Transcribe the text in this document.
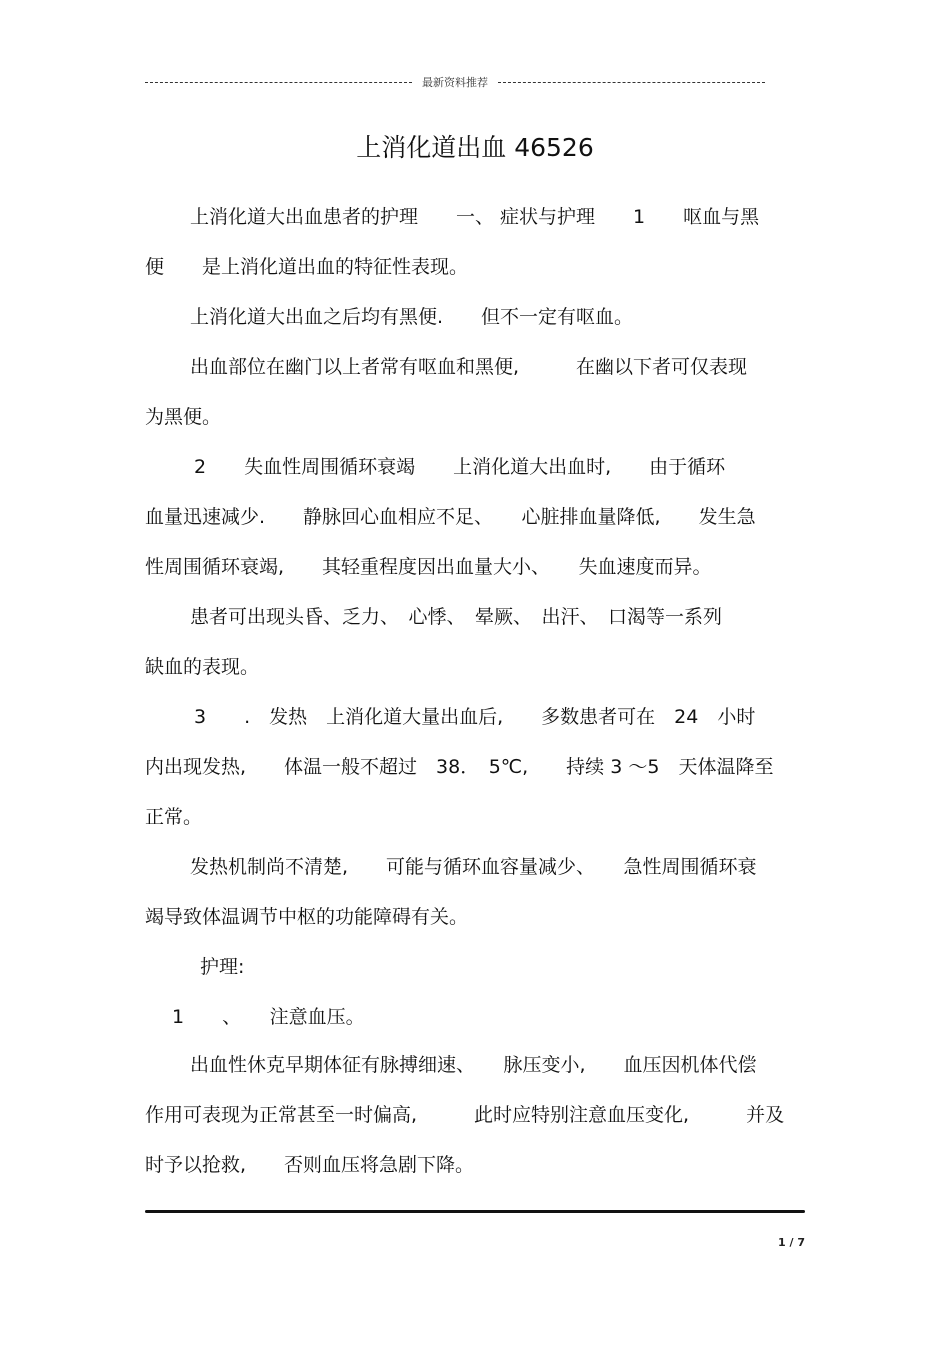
最新资料推荐
上消化道出血 46526
上消化道大出血患者的护理　　一、 症状与护理　　1　　呕血与黑
便　　是上消化道出血的特征性表现。
上消化道大出血之后均有黑便.　　但不一定有呕血。
出血部位在幽门以上者常有呕血和黑便,　　　在幽以下者可仅表现
为黑便。
2　　失血性周围循环衰竭　　上消化道大出血时,　　由于循环
血量迅速减少.　　静脉回心血相应不足、　　心脏排血量降低,　　发生急
性周围循环衰竭,　　其轻重程度因出血量大小、　　失血速度而异。
患者可出现头昏、乏力、　心悸、　晕厥、　出汗、　口渴等一系列
缺血的表现。
3　　.　发热　上消化道大量出血后,　　多数患者可在　24　小时
内出现发热,　　体温一般不超过　38．　5℃,　　持续 3 ～5　天体温降至
正常。
发热机制尚不清楚,　　可能与循环血容量减少、　　急性周围循环衰
竭导致体温调节中枢的功能障碍有关。
护理:
1　　、　　注意血压。
出血性休克早期体征有脉搏细速、　　脉压变小,　　血压因机体代偿
作用可表现为正常甚至一时偏高,　　　此时应特别注意血压变化,　　　并及
时予以抢救,　　否则血压将急剧下降。
1 / 7
